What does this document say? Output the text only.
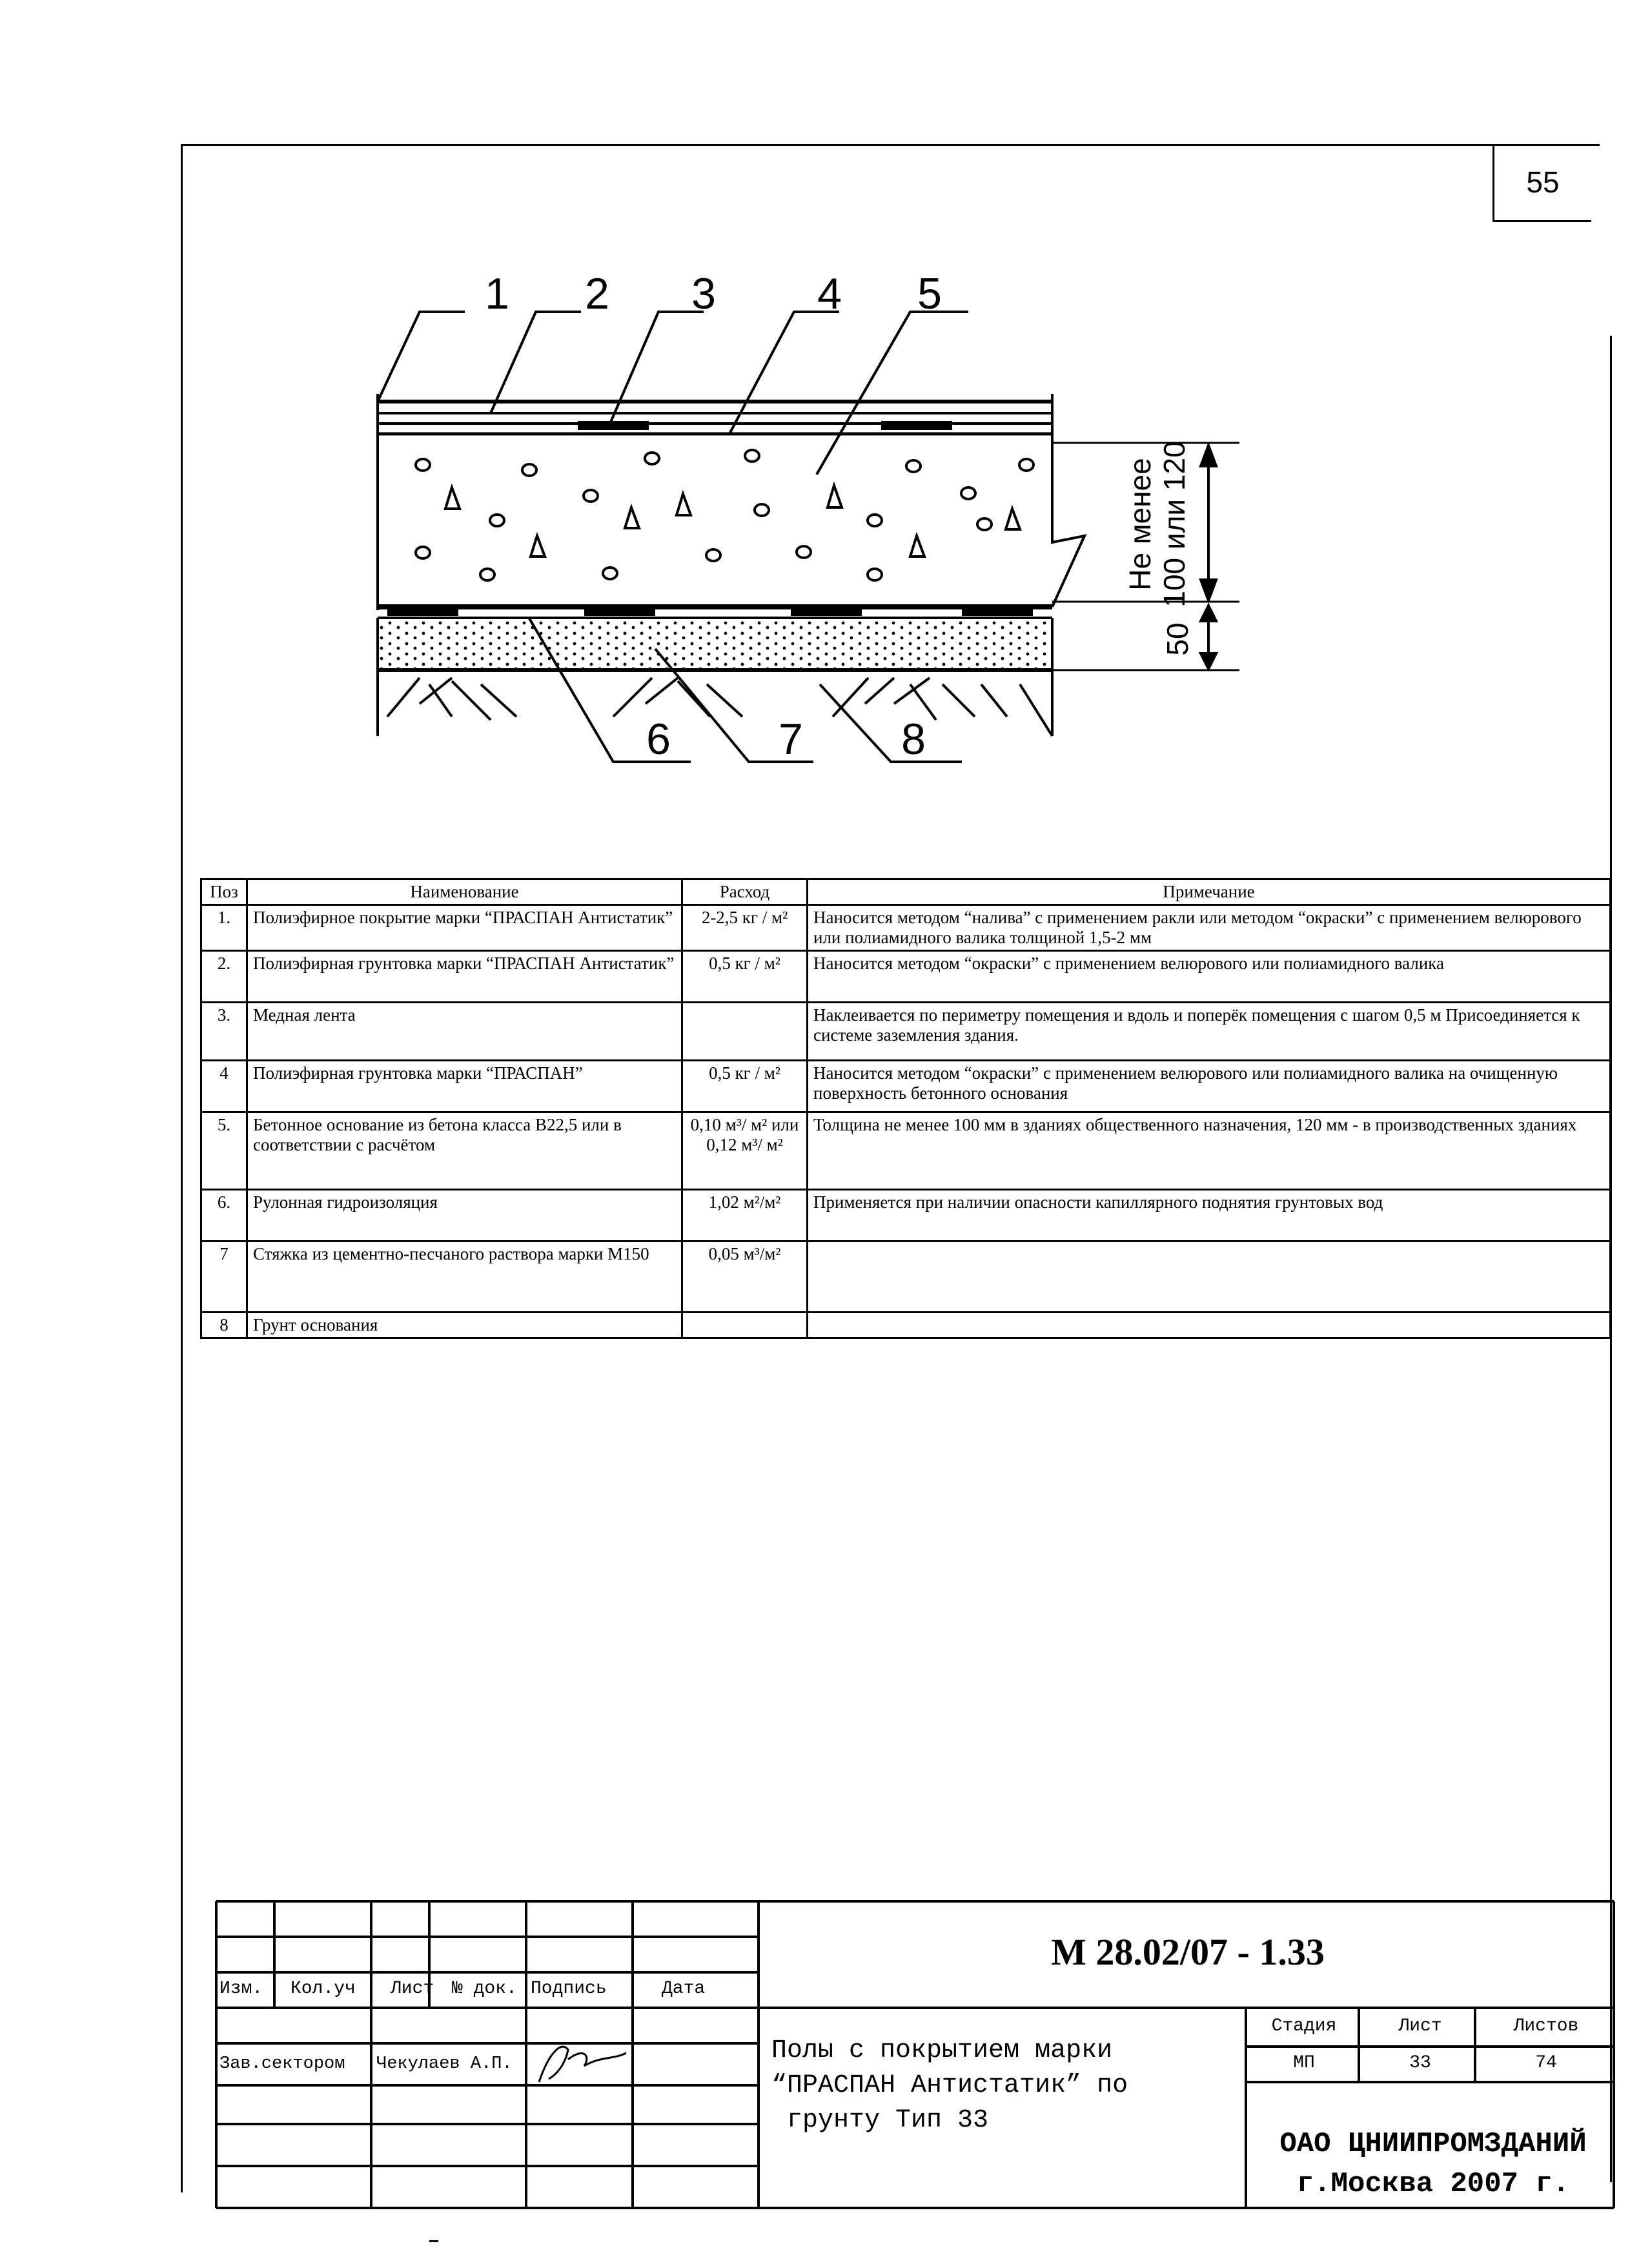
55
1 2 3 4 5
6 7 8
Не менее 100 или 120
50
Поз	Наименование	Расход	Примечание
1.	Полиэфирное покрытие марки “ПРАСПАН Антистатик”	2-2,5 кг / м²	Наносится методом “налива” с применением ракли или методом “окраски” с применением велюрового или полиамидного валика толщиной 1,5-2 мм
2.	Полиэфирная грунтовка марки “ПРАСПАН Антистатик”	0,5 кг / м²	Наносится методом “окраски” с применением велюрового или полиамидного валика
3.	Медная лента		Наклеивается по периметру помещения и вдоль и поперёк помещения с шагом 0,5 м Присоединяется к системе заземления здания.
4	Полиэфирная грунтовка марки “ПРАСПАН”	0,5 кг / м²	Наносится методом “окраски” с применением велюрового или полиамидного валика на очищенную поверхность бетонного основания
5.	Бетонное основание из бетона класса В22,5 или в соответствии с расчётом	0,10 м³/ м² или 0,12 м³/ м²	Толщина не менее 100 мм в зданиях общественного назначения, 120 мм - в производственных зданиях
6.	Рулонная гидроизоляция	1,02 м²/м²	Применяется при наличии опасности капиллярного поднятия грунтовых вод
7	Стяжка из цементно-песчаного раствора марки М150	0,05 м³/м²	
8	Грунт основания		
М 28.02/07 - 1.33
Изм. Кол.уч Лист № док. Подпись	Дата
Зав.сектором Чекулаев А.П.	Полы с покрытием марки
“ПРАСПАН Антистатик” по
грунту Тип 33
Стадия	Лист	Листов
МП	33	74
ОАО ЦНИИПРОМЗДАНИЙ
г.Москва 2007 г.
